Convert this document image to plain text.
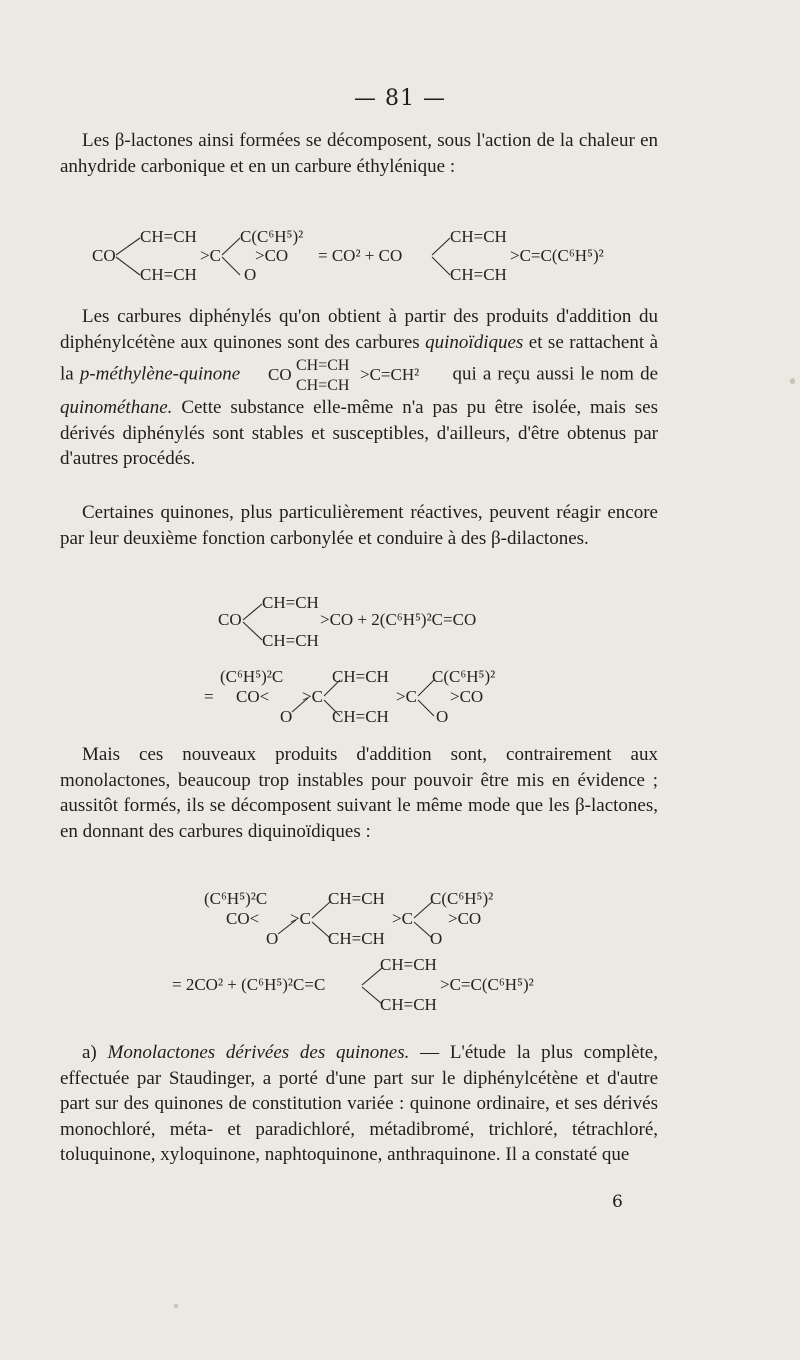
— 81 —
Les β-lactones ainsi formées se décomposent, sous l'action de la chaleur en anhydride carbonique et en un carbure éthylénique :
CO
CH=CH
CH=CH
>C
C(C⁶H⁵)²
>CO
O
= CO² + CO
CH=CH
CH=CH
>C=C(C⁶H⁵)²
Les carbures diphénylés qu'on obtient à partir des produits d'addition du diphénylcétène aux quinones sont des carbures quinoïdiques et se rattachent à la p-méthylène-quinone CO CH=CH
CH=CH
>C=CH² qui a reçu aussi le nom de quinométhane. Cette substance elle-même n'a pas pu être isolée, mais ses dérivés diphénylés sont stables et susceptibles, d'ailleurs, d'être obtenus par d'autres procédés.
Certaines quinones, plus particulièrement réactives, peuvent réagir encore par leur deuxième fonction carbonylée et conduire à des β-dilactones.
CO
CH=CH
CH=CH
>CO + 2(C⁶H⁵)²C=CO
=
(C⁶H⁵)²C
CO<
O
>C
CH=CH
CH=CH
>C
C(C⁶H⁵)²
>CO
O
Mais ces nouveaux produits d'addition sont, contrairement aux monolactones, beaucoup trop instables pour pouvoir être mis en évidence ; aussitôt formés, ils se décomposent suivant le même mode que les β-lactones, en donnant des carbures diquinoïdiques :
(C⁶H⁵)²C
CO<
O
>C
CH=CH
CH=CH
>C
C(C⁶H⁵)²
>CO
O
= 2CO² + (C⁶H⁵)²C=C
CH=CH
CH=CH
>C=C(C⁶H⁵)²
a) Monolactones dérivées des quinones. — L'étude la plus complète, effectuée par Staudinger, a porté d'une part sur le diphénylcétène et d'autre part sur des quinones de constitution variée : quinone ordinaire, et ses dérivés monochloré, méta- et paradichloré, métadibromé, trichloré, tétrachloré, toluquinone, xyloquinone, naphtoquinone, anthraquinone. Il a constaté que
6
